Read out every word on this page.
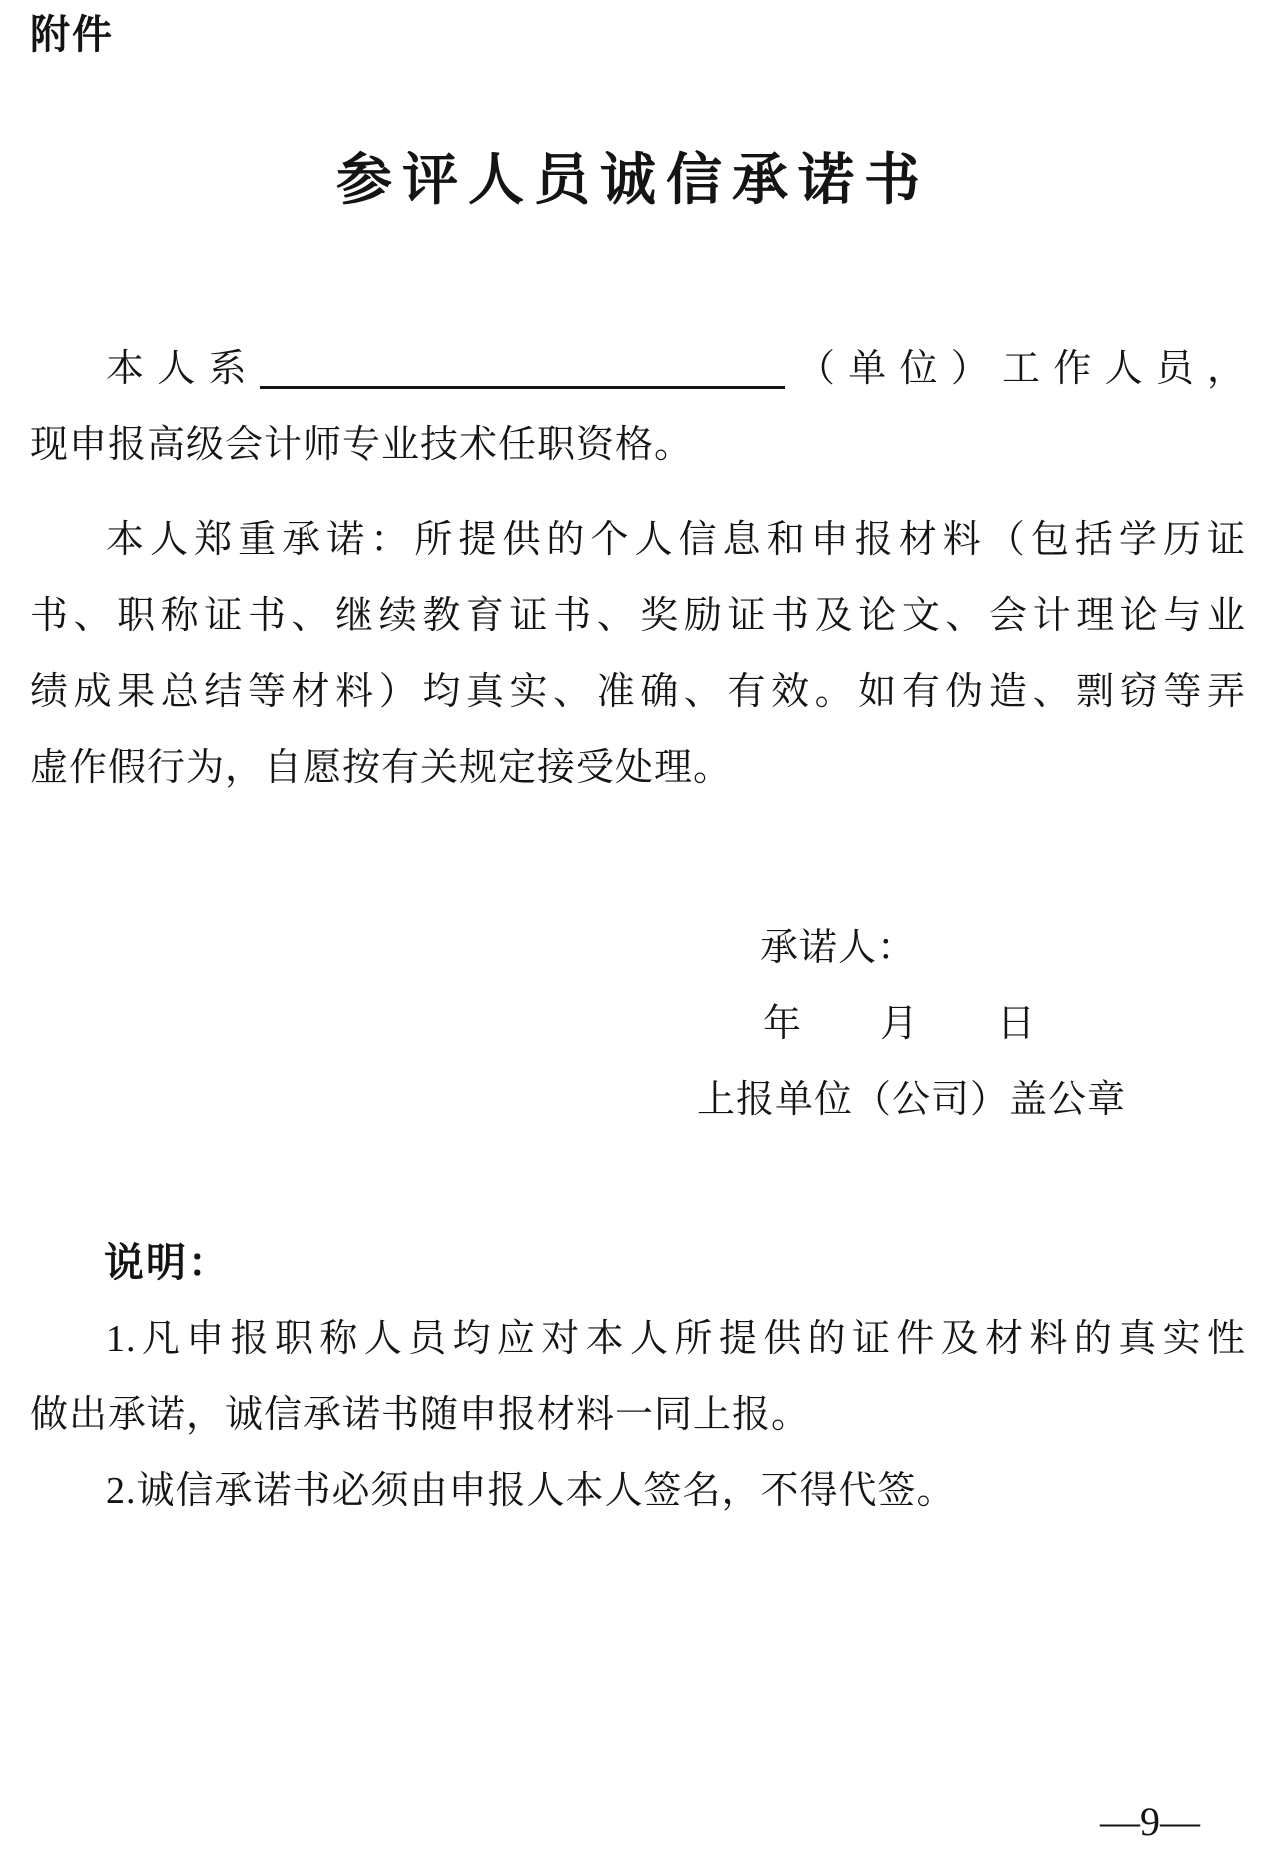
附件
参评人员诚信承诺书

本人系	（单位）工作人员，

现申报高级会计师专业技术任职资格。

本人郑重承诺：所提供的个人信息和申报材料（包括学历证

书、职称证书、继续教育证书、奖励证书及论文、会计理论与业

绩成果总结等材料）均真实、准确、有效。如有伪造、剽窃等弄

虚作假行为，自愿按有关规定接受处理。

承诺人：
年　　月　　日
上报单位（公司）盖公章
说明：

1.凡申报职称人员均应对本人所提供的证件及材料的真实性

做出承诺，诚信承诺书随申报材料一同上报。

2.诚信承诺书必须由申报人本人签名，不得代签。

—9—
